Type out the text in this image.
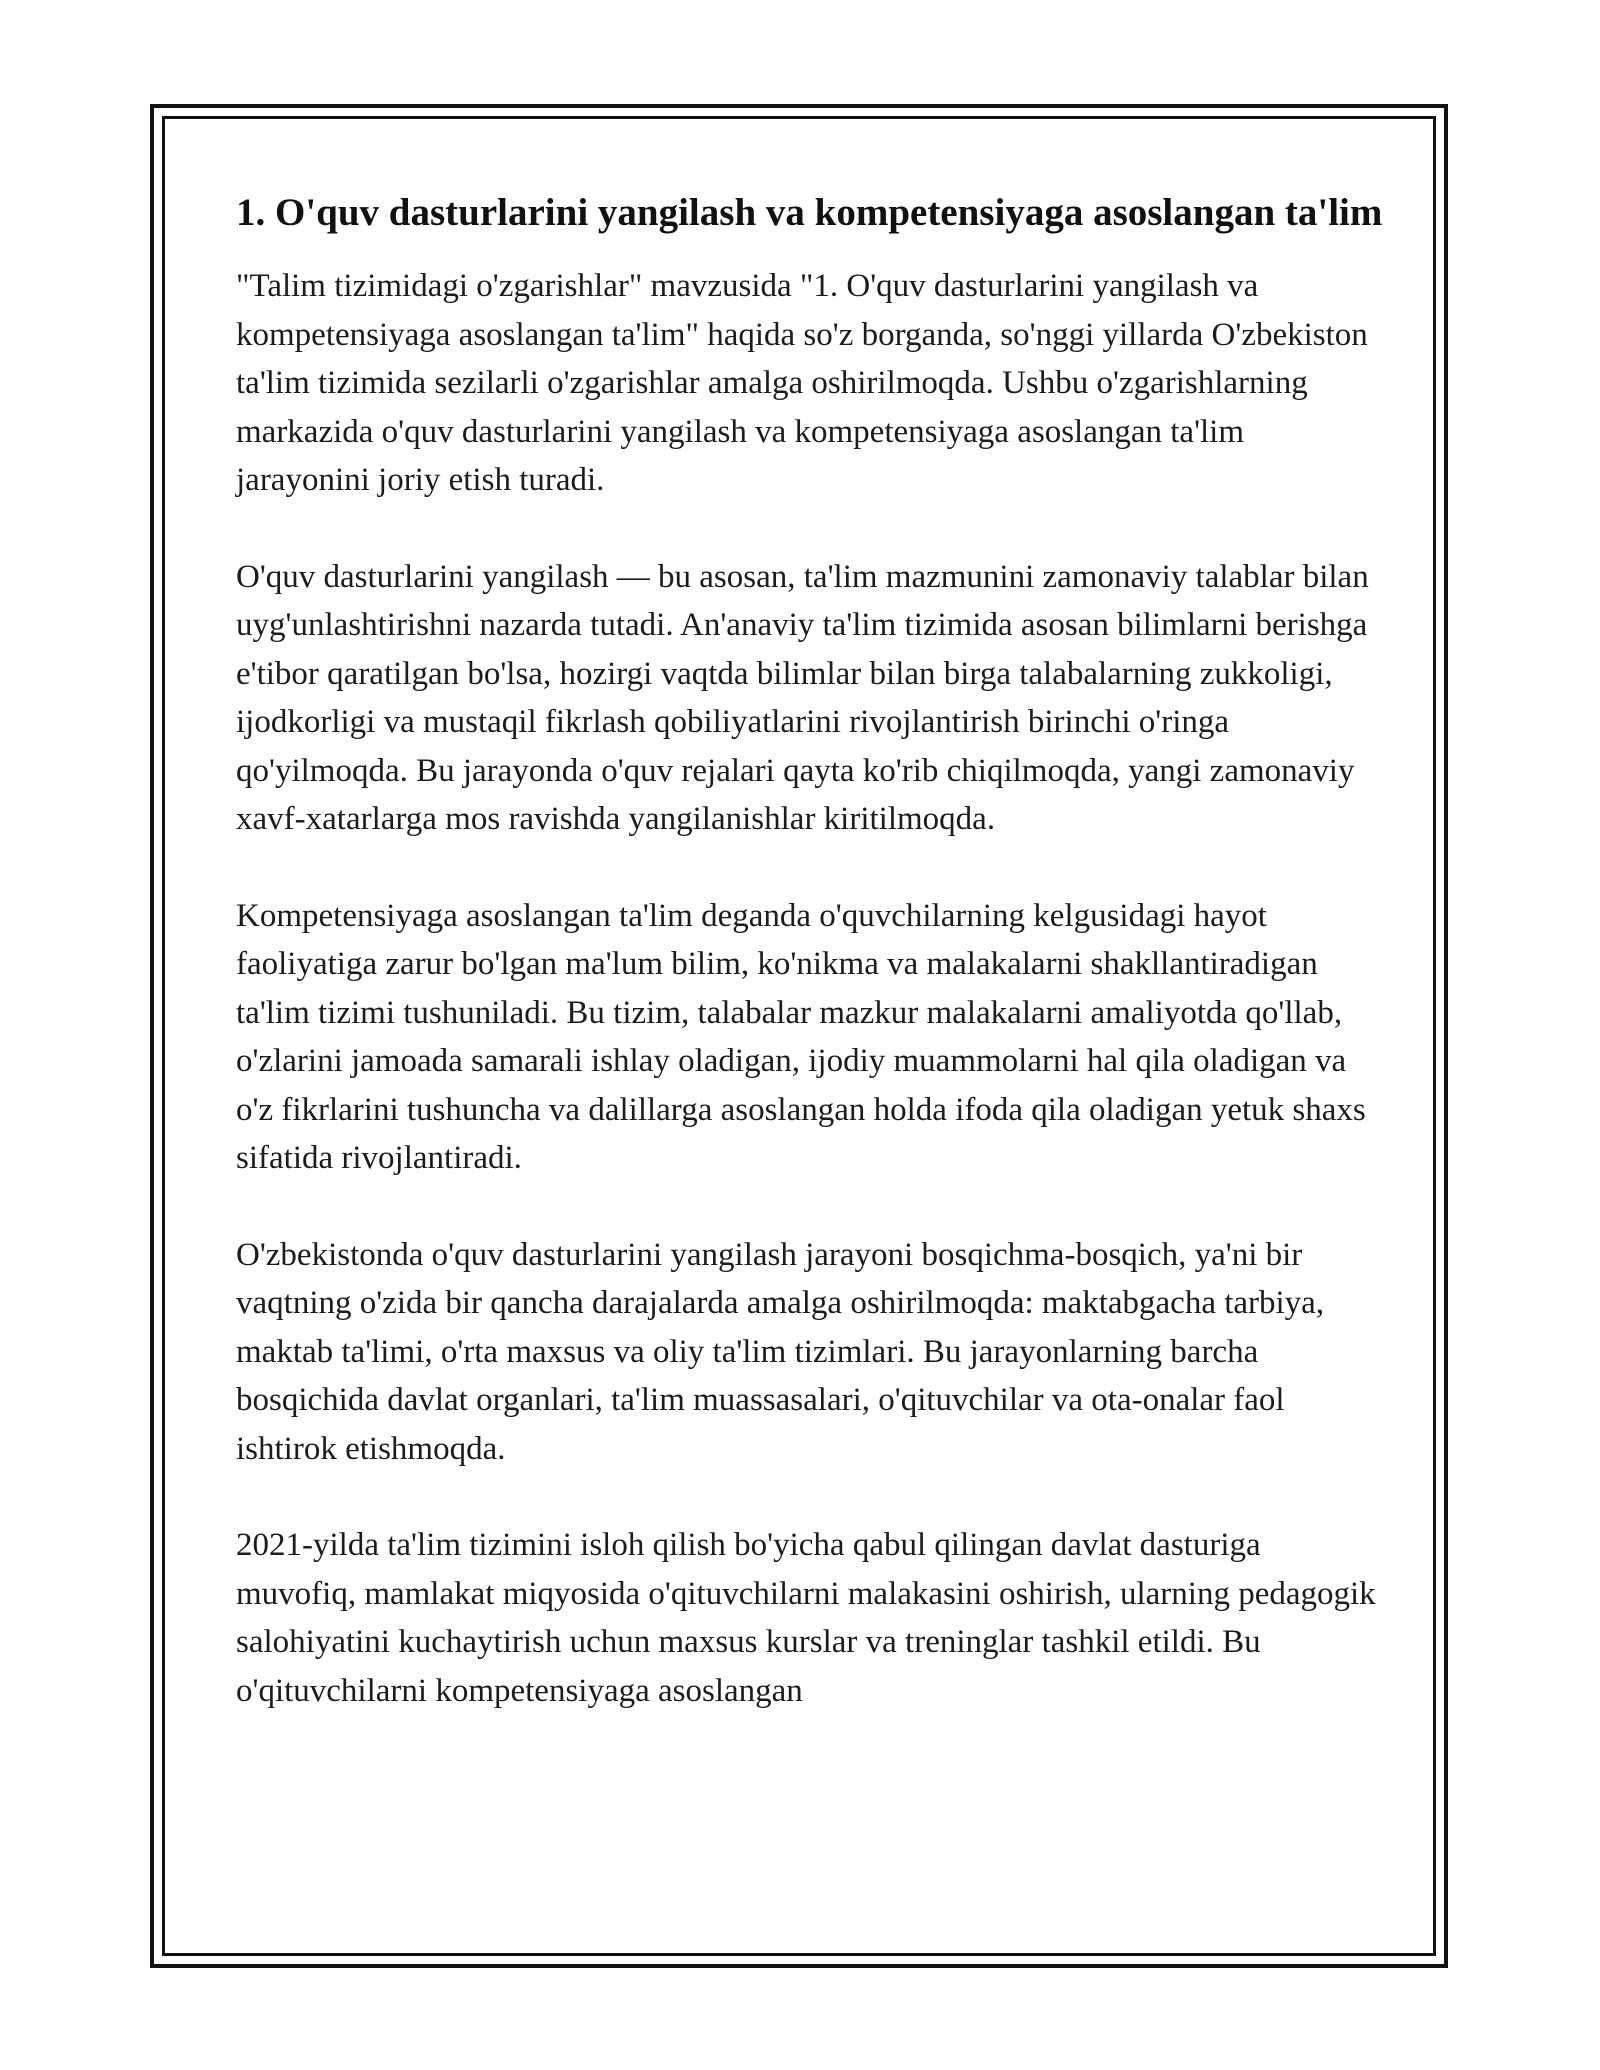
1. O'quv dasturlarini yangilash va kompetensiyaga asoslangan ta'lim

"Talim tizimidagi o'zgarishlar" mavzusida "1. O'quv dasturlarini yangilash va kompetensiyaga asoslangan ta'lim" haqida so'z borganda, so'nggi yillarda O'zbekiston ta'lim tizimida sezilarli o'zgarishlar amalga oshirilmoqda. Ushbu o'zgarishlarning markazida o'quv dasturlarini yangilash va kompetensiyaga asoslangan ta'lim jarayonini joriy etish turadi.

O'quv dasturlarini yangilash — bu asosan, ta'lim mazmunini zamonaviy talablar bilan uyg'unlashtirishni nazarda tutadi. An'anaviy ta'lim tizimida asosan bilimlarni berishga e'tibor qaratilgan bo'lsa, hozirgi vaqtda bilimlar bilan birga talabalarning zukkoligi, ijodkorligi va mustaqil fikrlash qobiliyatlarini rivojlantirish birinchi o'ringa qo'yilmoqda. Bu jarayonda o'quv rejalari qayta ko'rib chiqilmoqda, yangi zamonaviy xavf-xatarlarga mos ravishda yangilanishlar kiritilmoqda.

Kompetensiyaga asoslangan ta'lim deganda o'quvchilarning kelgusidagi hayot faoliyatiga zarur bo'lgan ma'lum bilim, ko'nikma va malakalarni shakllantiradigan ta'lim tizimi tushuniladi. Bu tizim, talabalar mazkur malakalarni amaliyotda qo'llab, o'zlarini jamoada samarali ishlay oladigan, ijodiy muammolarni hal qila oladigan va o'z fikrlarini tushuncha va dalillarga asoslangan holda ifoda qila oladigan yetuk shaxs sifatida rivojlantiradi.

O'zbekistonda o'quv dasturlarini yangilash jarayoni bosqichma-bosqich, ya'ni bir vaqtning o'zida bir qancha darajalarda amalga oshirilmoqda: maktabgacha tarbiya, maktab ta'limi, o'rta maxsus va oliy ta'lim tizimlari. Bu jarayonlarning barcha bosqichida davlat organlari, ta'lim muassasalari, o'qituvchilar va ota-onalar faol ishtirok etishmoqda.

2021-yilda ta'lim tizimini isloh qilish bo'yicha qabul qilingan davlat dasturiga muvofiq, mamlakat miqyosida o'qituvchilarni malakasini oshirish, ularning pedagogik salohiyatini kuchaytirish uchun maxsus kurslar va treninglar tashkil etildi. Bu o'qituvchilarni kompetensiyaga asoslangan
